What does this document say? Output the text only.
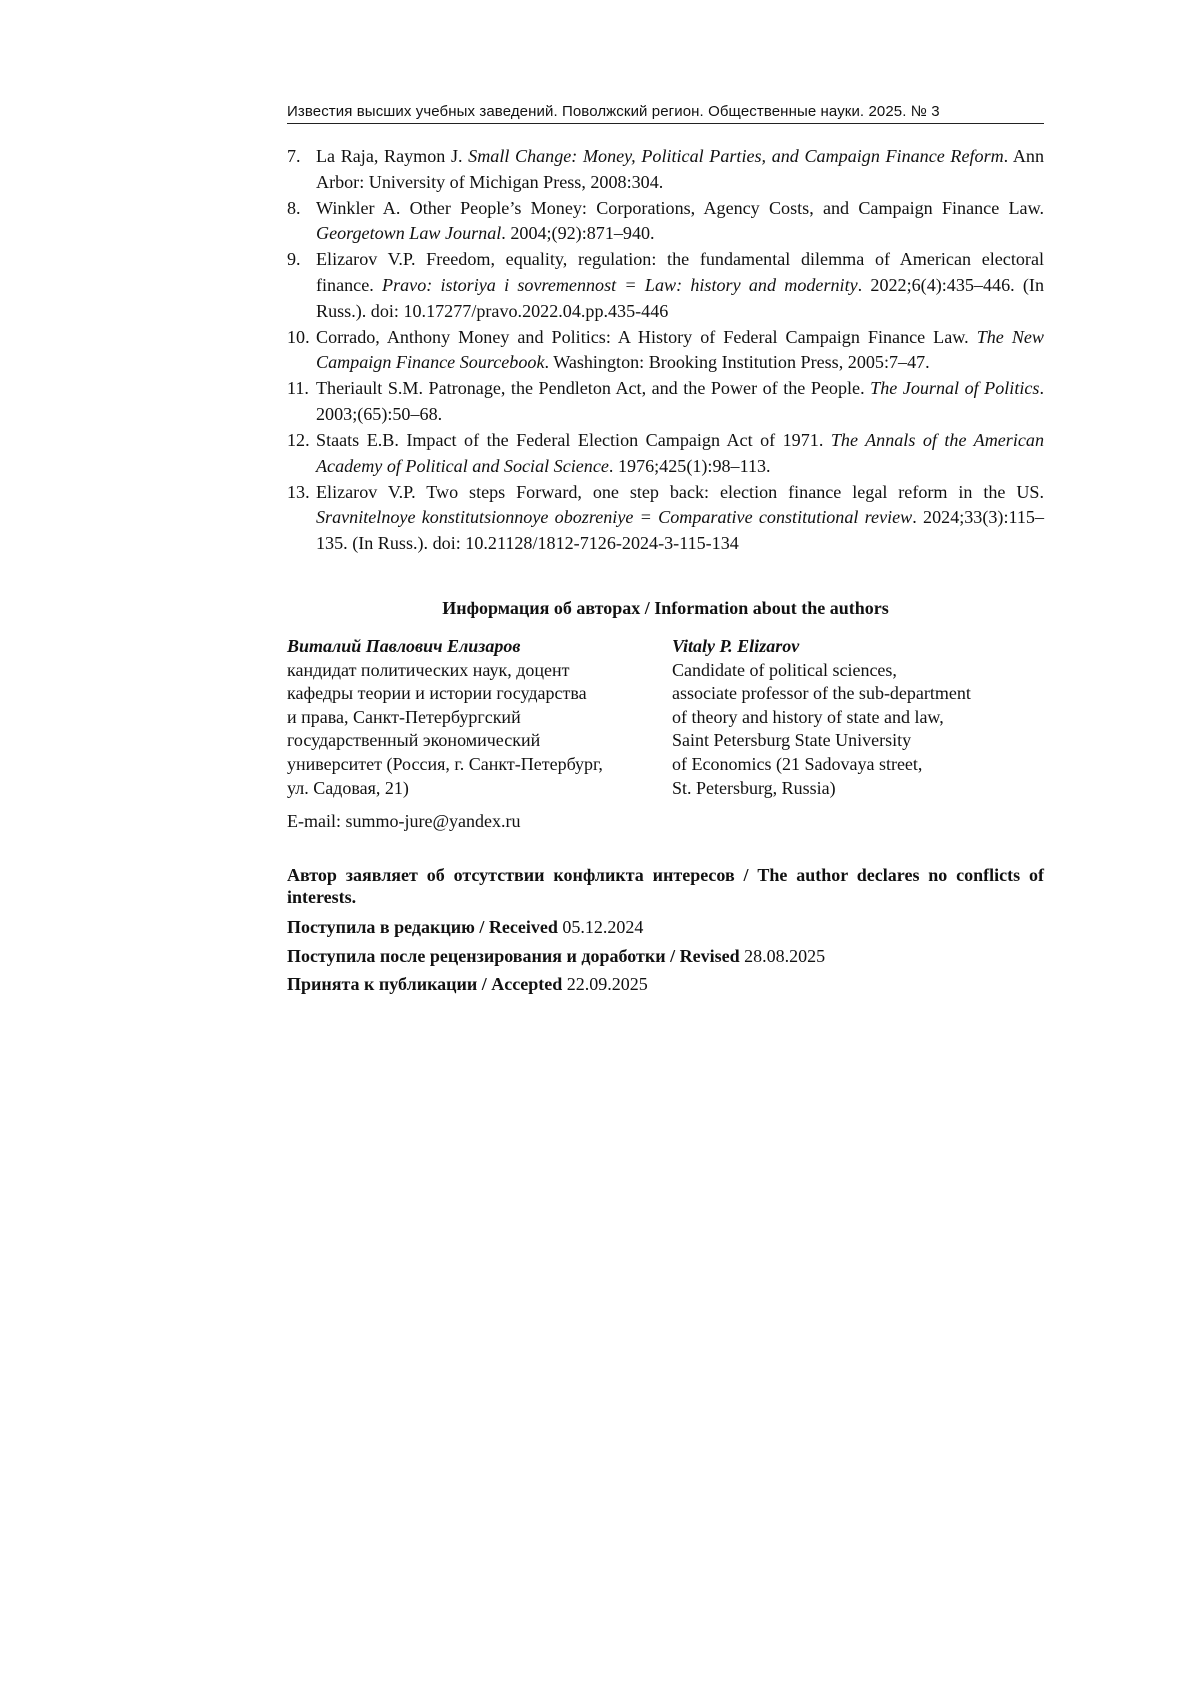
Известия высших учебных заведений. Поволжский регион. Общественные науки. 2025. № 3
7. La Raja, Raymon J. Small Change: Money, Political Parties, and Campaign Finance Reform. Ann Arbor: University of Michigan Press, 2008:304.
8. Winkler A. Other People’s Money: Corporations, Agency Costs, and Campaign Finance Law. Georgetown Law Journal. 2004;(92):871–940.
9. Elizarov V.P. Freedom, equality, regulation: the fundamental dilemma of American electoral finance. Pravo: istoriya i sovremennost = Law: history and modernity. 2022;6(4):435–446. (In Russ.). doi: 10.17277/pravo.2022.04.pp.435-446
10. Corrado, Anthony Money and Politics: A History of Federal Campaign Finance Law. The New Campaign Finance Sourcebook. Washington: Brooking Institution Press, 2005:7–47.
11. Theriault S.M. Patronage, the Pendleton Act, and the Power of the People. The Journal of Politics. 2003;(65):50–68.
12. Staats E.B. Impact of the Federal Election Campaign Act of 1971. The Annals of the American Academy of Political and Social Science. 1976;425(1):98–113.
13. Elizarov V.P. Two steps Forward, one step back: election finance legal reform in the US. Sravnitelnoye konstitutsionnoye obozreniye = Comparative constitutional review. 2024;33(3):115–135. (In Russ.). doi: 10.21128/1812-7126-2024-3-115-134
Информация об авторах / Information about the authors

Виталий Павлович Елизаров

кандидат политических наук, доцент

кафедры теории и истории государства

и права, Санкт-Петербургский

государственный экономический

университет (Россия, г. Санкт-Петербург,

ул. Садовая, 21)

Vitaly P. Elizarov

Candidate of political sciences,

associate professor of the sub-department

of theory and history of state and law,

Saint Petersburg State University

of Economics (21 Sadovaya street,

St. Petersburg, Russia)

E-mail: summo-jure@yandex.ru
Автор заявляет об отсутствии конфликта интересов / The author declares no conflicts of interests.
Поступила в редакцию / Received 05.12.2024
Поступила после рецензирования и доработки / Revised 28.08.2025
Принята к публикации / Accepted 22.09.2025
